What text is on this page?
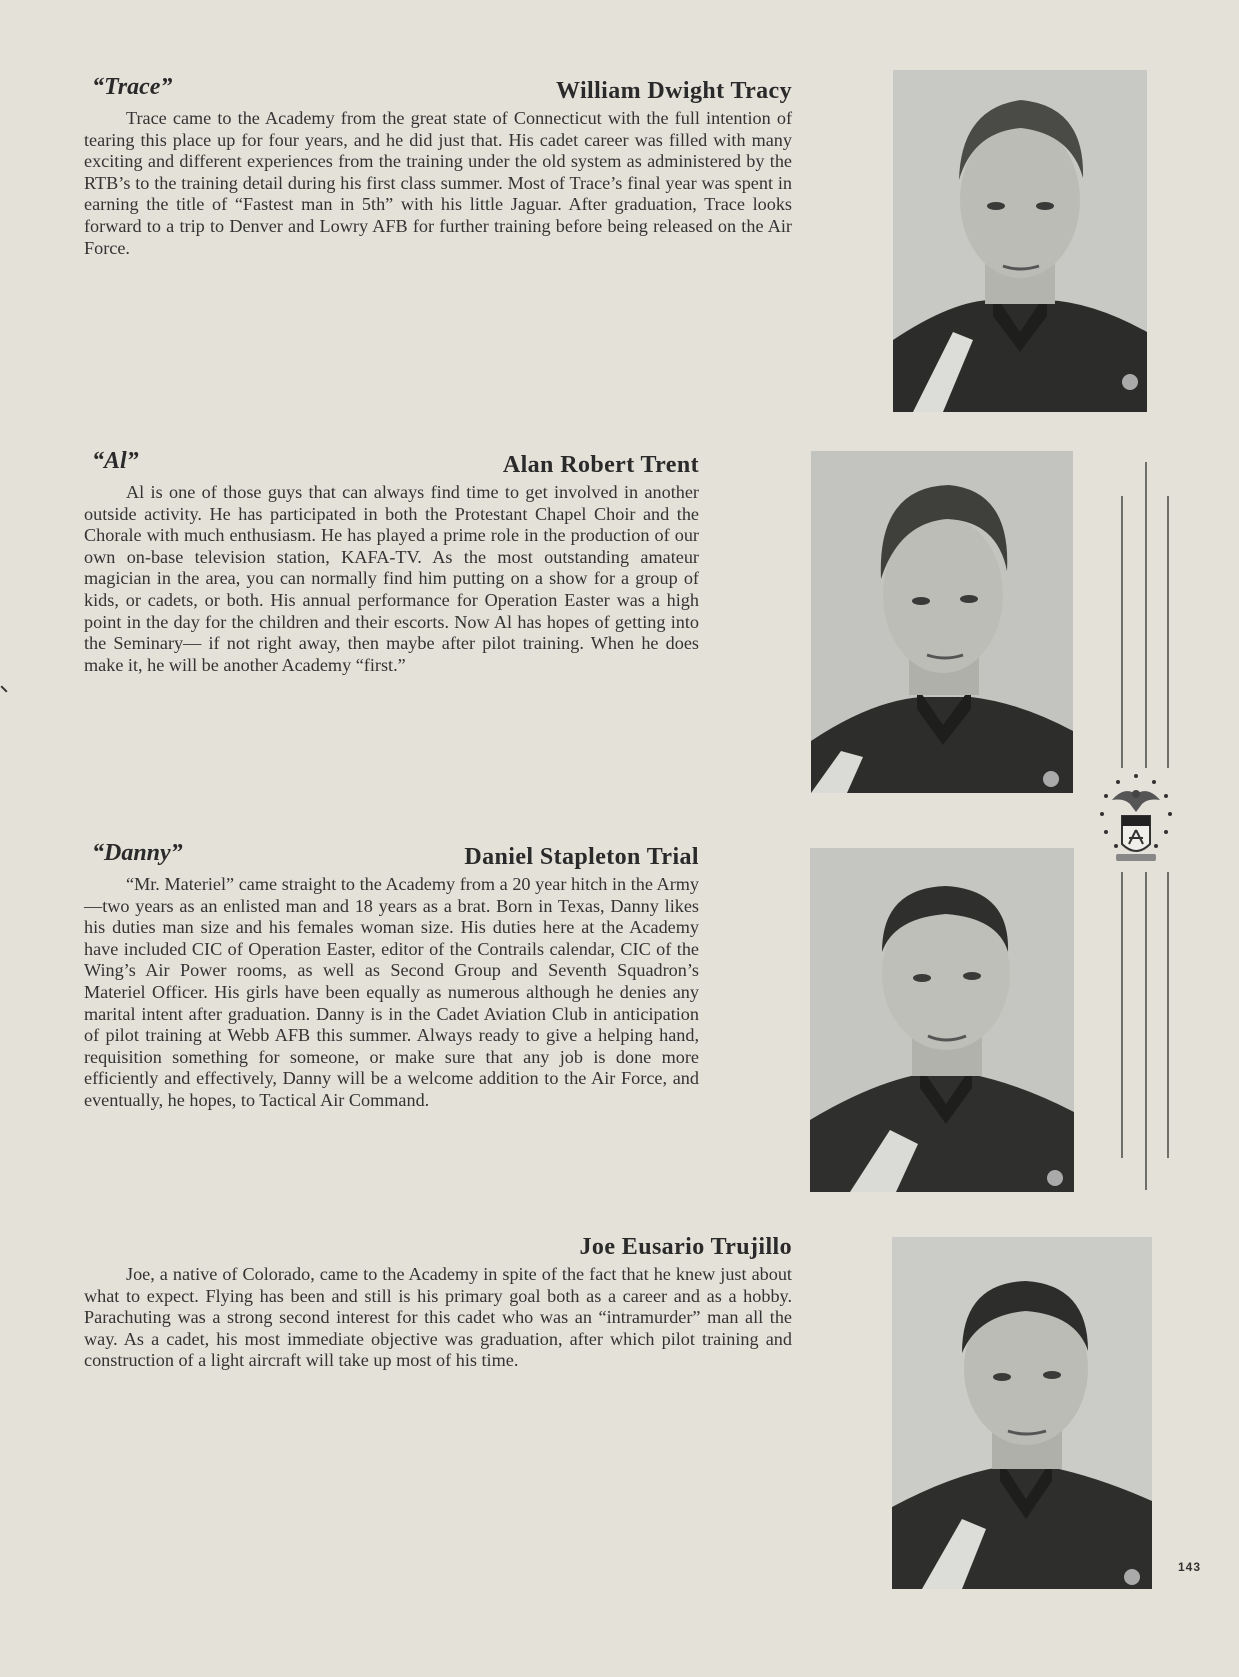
“Trace”	William Dwight Tracy

Trace came to the Academy from the great state of Connecticut with the full intention of tearing this place up for four years, and he did just that. His cadet career was filled with many exciting and different experiences from the training under the old system as administered by the RTB’s to the training detail during his first class summer. Most of Trace’s final year was spent in earning the title of “Fastest man in 5th” with his little Jaguar. After graduation, Trace looks forward to a trip to Denver and Lowry AFB for further training before being released on the Air Force.

“Al”	Alan Robert Trent

Al is one of those guys that can always find time to get involved in another outside activity. He has participated in both the Protestant Chapel Choir and the Chorale with much enthusiasm. He has played a prime role in the production of our own on-base television station, KAFA-TV. As the most outstanding amateur magician in the area, you can normally find him putting on a show for a group of kids, or cadets, or both. His annual performance for Operation Easter was a high point in the day for the children and their escorts. Now Al has hopes of getting into the Seminary— if not right away, then maybe after pilot training. When he does make it, he will be another Academy “first.”

“Danny”	Daniel Stapleton Trial

“Mr. Materiel” came straight to the Academy from a 20 year hitch in the Army—two years as an enlisted man and 18 years as a brat. Born in Texas, Danny likes his duties man size and his females woman size. His duties here at the Academy have included CIC of Operation Easter, editor of the Contrails calendar, CIC of the Wing’s Air Power rooms, as well as Second Group and Seventh Squadron’s Materiel Officer. His girls have been equally as numerous although he denies any marital intent after graduation. Danny is in the Cadet Aviation Club in anticipation of pilot training at Webb AFB this summer. Always ready to give a helping hand, requisition something for someone, or make sure that any job is done more efficiently and effectively, Danny will be a welcome addition to the Air Force, and eventually, he hopes, to Tactical Air Command.

Joe Eusario Trujillo

Joe, a native of Colorado, came to the Academy in spite of the fact that he knew just about what to expect. Flying has been and still is his primary goal both as a career and as a hobby. Parachuting was a strong second interest for this cadet who was an “intramurder” man all the way. As a cadet, his most immediate objective was graduation, after which pilot training and construction of a light aircraft will take up most of his time.

143
